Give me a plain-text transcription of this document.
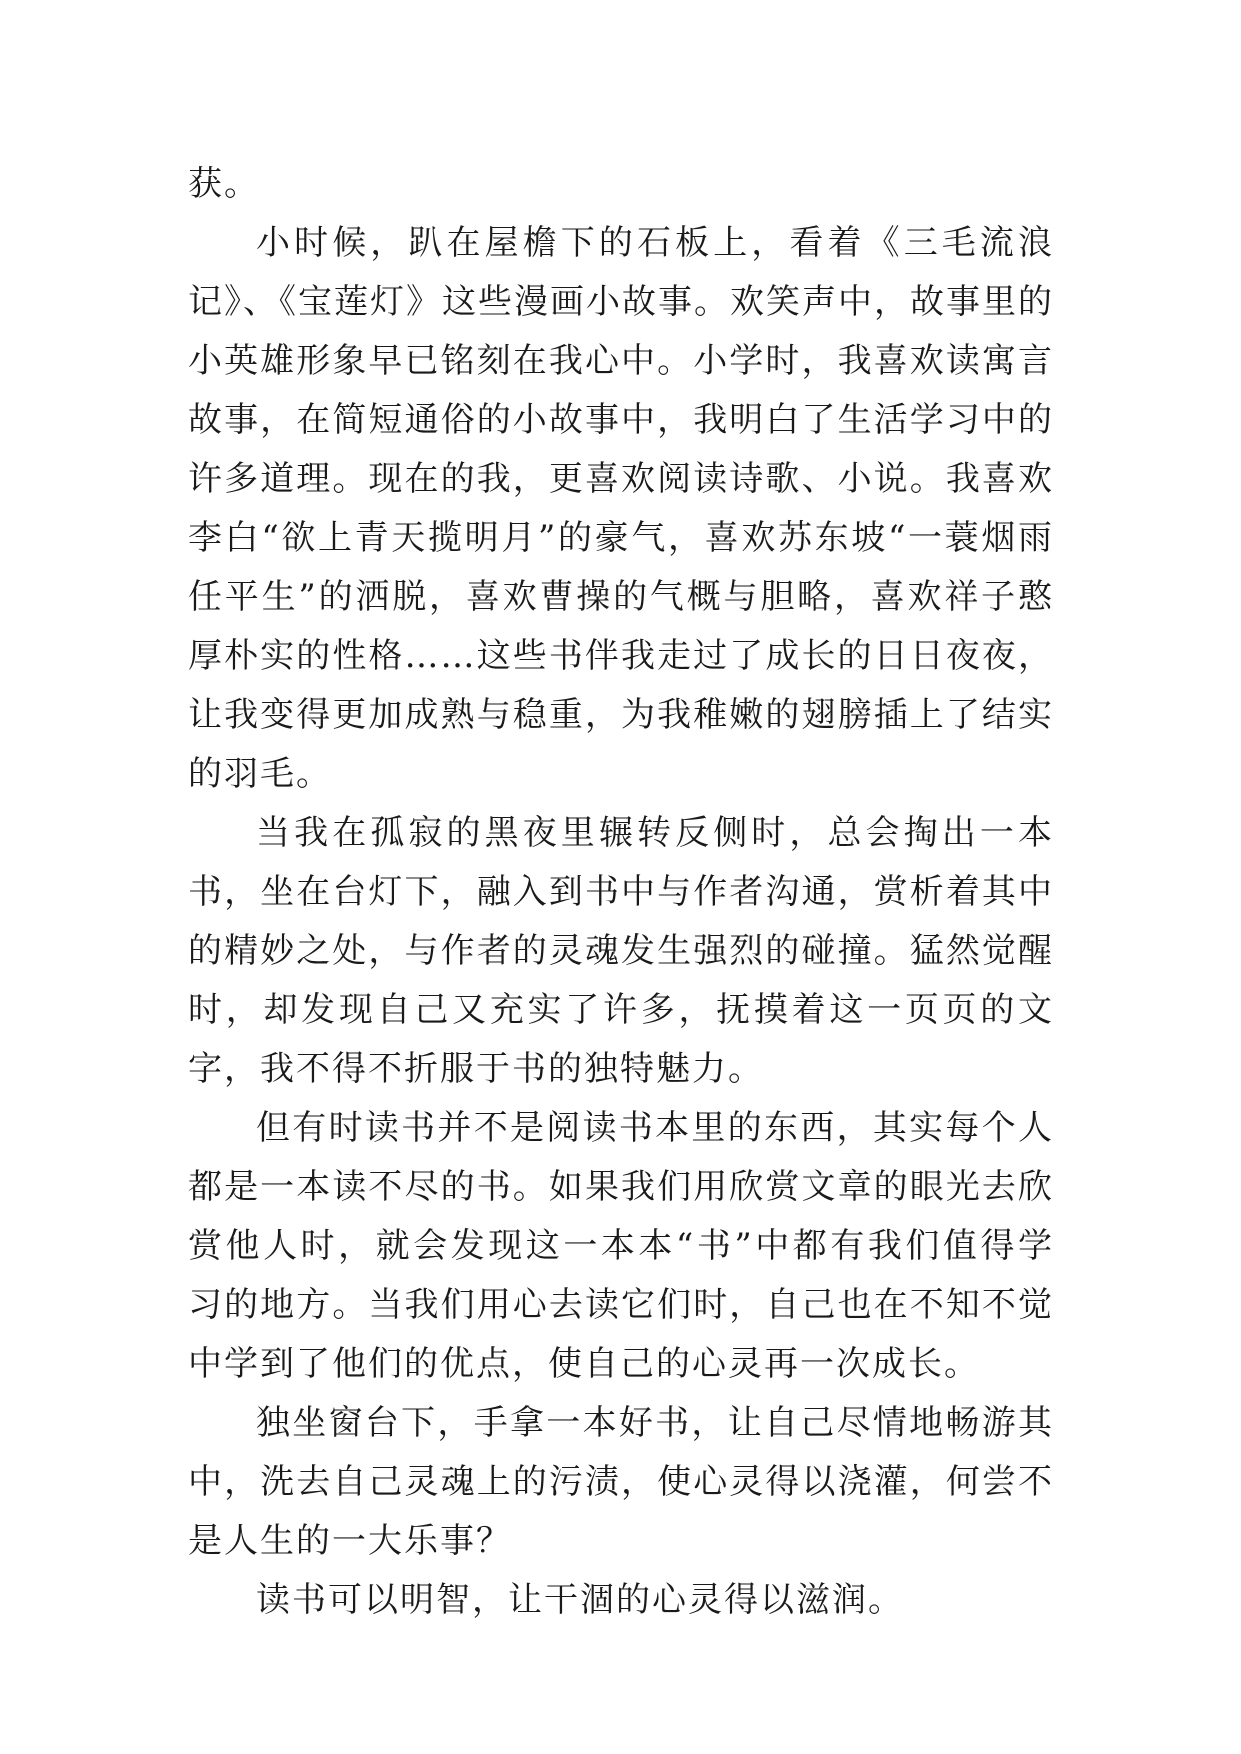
获。

小时候，趴在屋檐下的石板上，看着《三毛流浪记》、《宝莲灯》这些漫画小故事。欢笑声中，故事里的小英雄形象早已铭刻在我心中。小学时，我喜欢读寓言故事，在简短通俗的小故事中，我明白了生活学习中的许多道理。现在的我，更喜欢阅读诗歌、小说。我喜欢李白“欲上青天揽明月”的豪气，喜欢苏东坡“一蓑烟雨任平生”的洒脱，喜欢曹操的气概与胆略，喜欢祥子憨厚朴实的性格……这些书伴我走过了成长的日日夜夜，让我变得更加成熟与稳重，为我稚嫩的翅膀插上了结实的羽毛。

当我在孤寂的黑夜里辗转反侧时，总会掏出一本书，坐在台灯下，融入到书中与作者沟通，赏析着其中的精妙之处，与作者的灵魂发生强烈的碰撞。猛然觉醒时，却发现自己又充实了许多，抚摸着这一页页的文字，我不得不折服于书的独特魅力。

但有时读书并不是阅读书本里的东西，其实每个人都是一本读不尽的书。如果我们用欣赏文章的眼光去欣赏他人时，就会发现这一本本“书”中都有我们值得学习的地方。当我们用心去读它们时，自己也在不知不觉中学到了他们的优点，使自己的心灵再一次成长。

独坐窗台下，手拿一本好书，让自己尽情地畅游其中，洗去自己灵魂上的污渍，使心灵得以浇灌，何尝不是人生的一大乐事？

读书可以明智，让干涸的心灵得以滋润。
